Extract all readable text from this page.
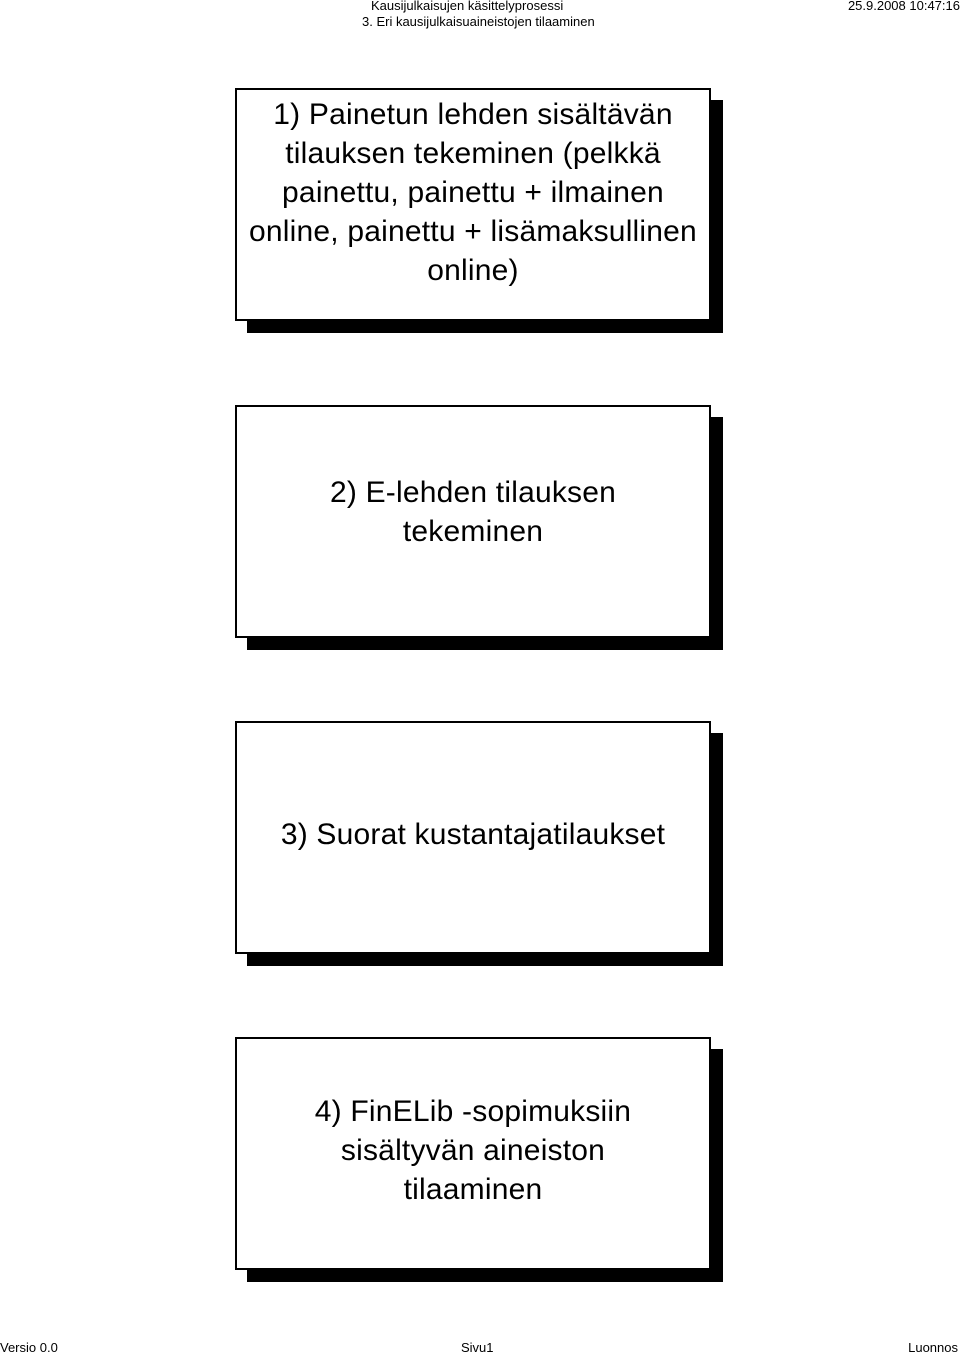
Kausijulkaisujen käsittelyprosessi
3. Eri kausijulkaisuaineistojen tilaaminen
25.9.2008 10:47:16
1) Painetun lehden sisältävän tilauksen tekeminen (pelkkä painettu, painettu + ilmainen online, painettu + lisämaksullinen online)
2) E-lehden tilauksen tekeminen
3) Suorat kustantajatilaukset
4) FinELib -sopimuksiin sisältyvän aineiston tilaaminen
Versio 0.0	Sivu1	Luonnos
